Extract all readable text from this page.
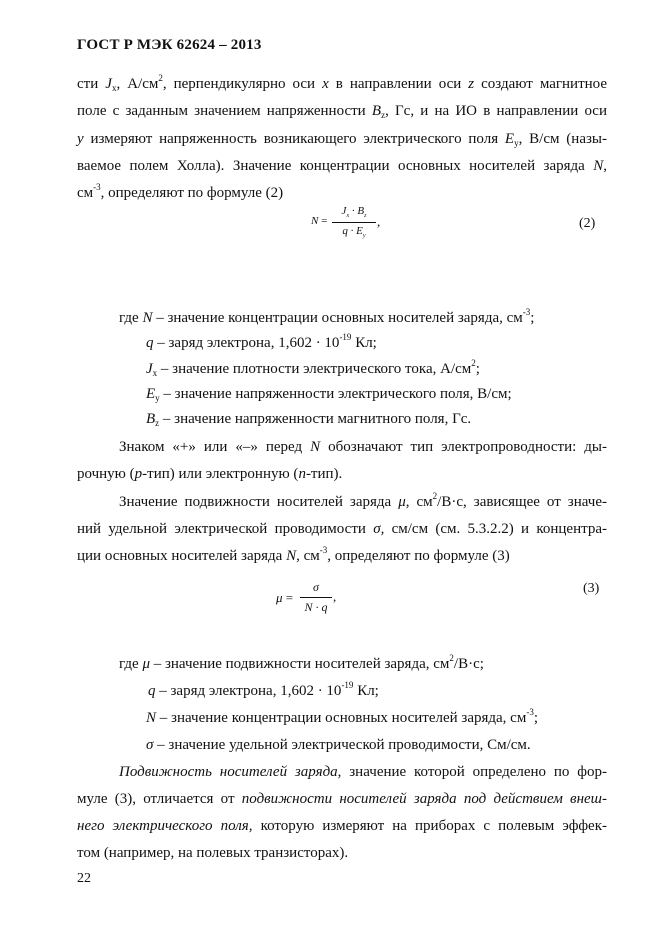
ГОСТ Р МЭК 62624 – 2013
сти $J_x$, $А/см^2$, перпендикулярно оси x в направлении оси z создают магнитное
поле с заданным значением напряженности $B_z$, Гс, и на ИО в направлении оси
y измеряют напряженность возникающего электрического поля $E_y$, В/см (назы-
ваемое полем Холла). Значение концентрации основных носителей заряда N,
$см^{-3}$, определяют по формуле (2)
N =
$J_x \cdot B_z$
$q \cdot E_y$
,	(2)
где N – значение концентрации основных носителей заряда, $см^{-3}$;
q – заряд электрона, $1,602 \cdot 10^{-19}$ Кл;
$J_x$ – значение плотности электрического тока, $А/см^2$;
$E_y$ – значение напряженности электрического поля, В/см;
$B_z$ – значение напряженности магнитного поля, Гс.
Знаком «+» или «–» перед N обозначают тип электропроводности: ды-
рочную (p-тип) или электронную (n-тип).
Значение подвижности носителей заряда μ, $см^2/В\cdot с$, зависящее от значе-
ний удельной электрической проводимости σ, см/см (см. 5.3.2.2) и концентра-
ции основных носителей заряда N, $см^{-3}$, определяют по формуле (3)
μ =
σ
N · q
,
(3)
где μ – значение подвижности носителей заряда, $см^2/В\cdot с$;
q – заряд электрона, $1,602 \cdot 10^{-19}$ Кл;
N – значение концентрации основных носителей заряда, $см^{-3}$;
σ – значение удельной электрической проводимости, См/см.
Подвижность носителей заряда, значение которой определено по фор-
муле (3), отличается от подвижности носителей заряда под действием внеш-
него электрического поля, которую измеряют на приборах с полевым эффек-
том (например, на полевых транзисторах).
22
